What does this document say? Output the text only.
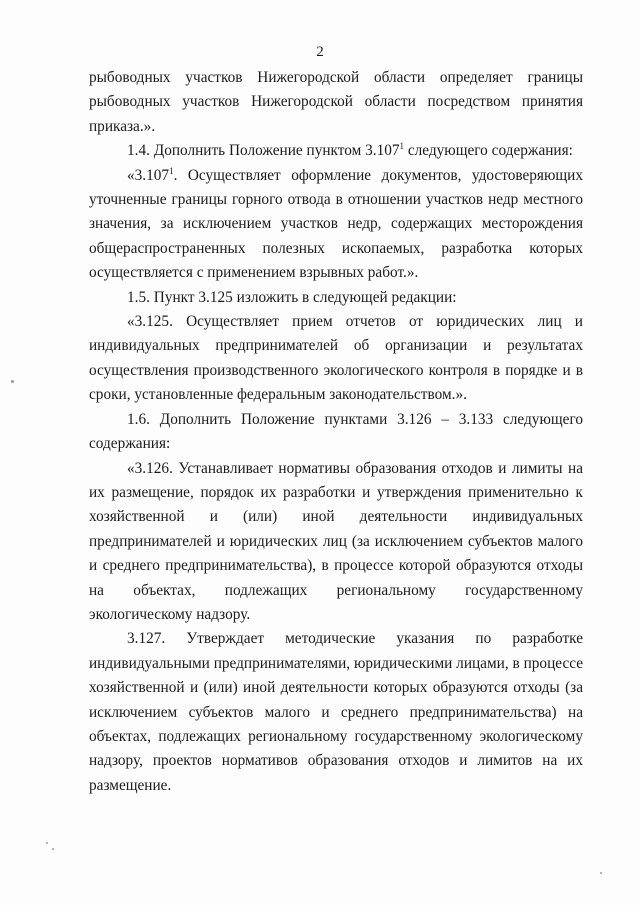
2

рыбоводных участков Нижегородской области определяет границы рыбоводных участков Нижегородской области посредством принятия приказа.».

1.4. Дополнить Положение пунктом 3.107$^1$ следующего содержания:

«3.107$^1$. Осуществляет оформление документов, удостоверяющих уточненные границы горного отвода в отношении участков недр местного значения, за исключением участков недр, содержащих месторождения общераспространенных полезных ископаемых, разработка которых осуществляется с применением взрывных работ.».

1.5. Пункт 3.125 изложить в следующей редакции:

«3.125. Осуществляет прием отчетов от юридических лиц и индивидуальных предпринимателей об организации и результатах осуществления производственного экологического контроля в порядке и в сроки, установленные федеральным законодательством.».

1.6. Дополнить Положение пунктами 3.126 – 3.133 следующего содержания:

«3.126. Устанавливает нормативы образования отходов и лимиты на их размещение, порядок их разработки и утверждения применительно к хозяйственной и (или) иной деятельности индивидуальных предпринимателей и юридических лиц (за исключением субъектов малого и среднего предпринимательства), в процессе которой образуются отходы на объектах, подлежащих региональному государственному экологическому надзору.

3.127. Утверждает методические указания по разработке индивидуальными предпринимателями, юридическими лицами, в процессе хозяйственной и (или) иной деятельности которых образуются отходы (за исключением субъектов малого и среднего предпринимательства) на объектах, подлежащих региональному государственному экологическому надзору, проектов нормативов образования отходов и лимитов на их размещение.
